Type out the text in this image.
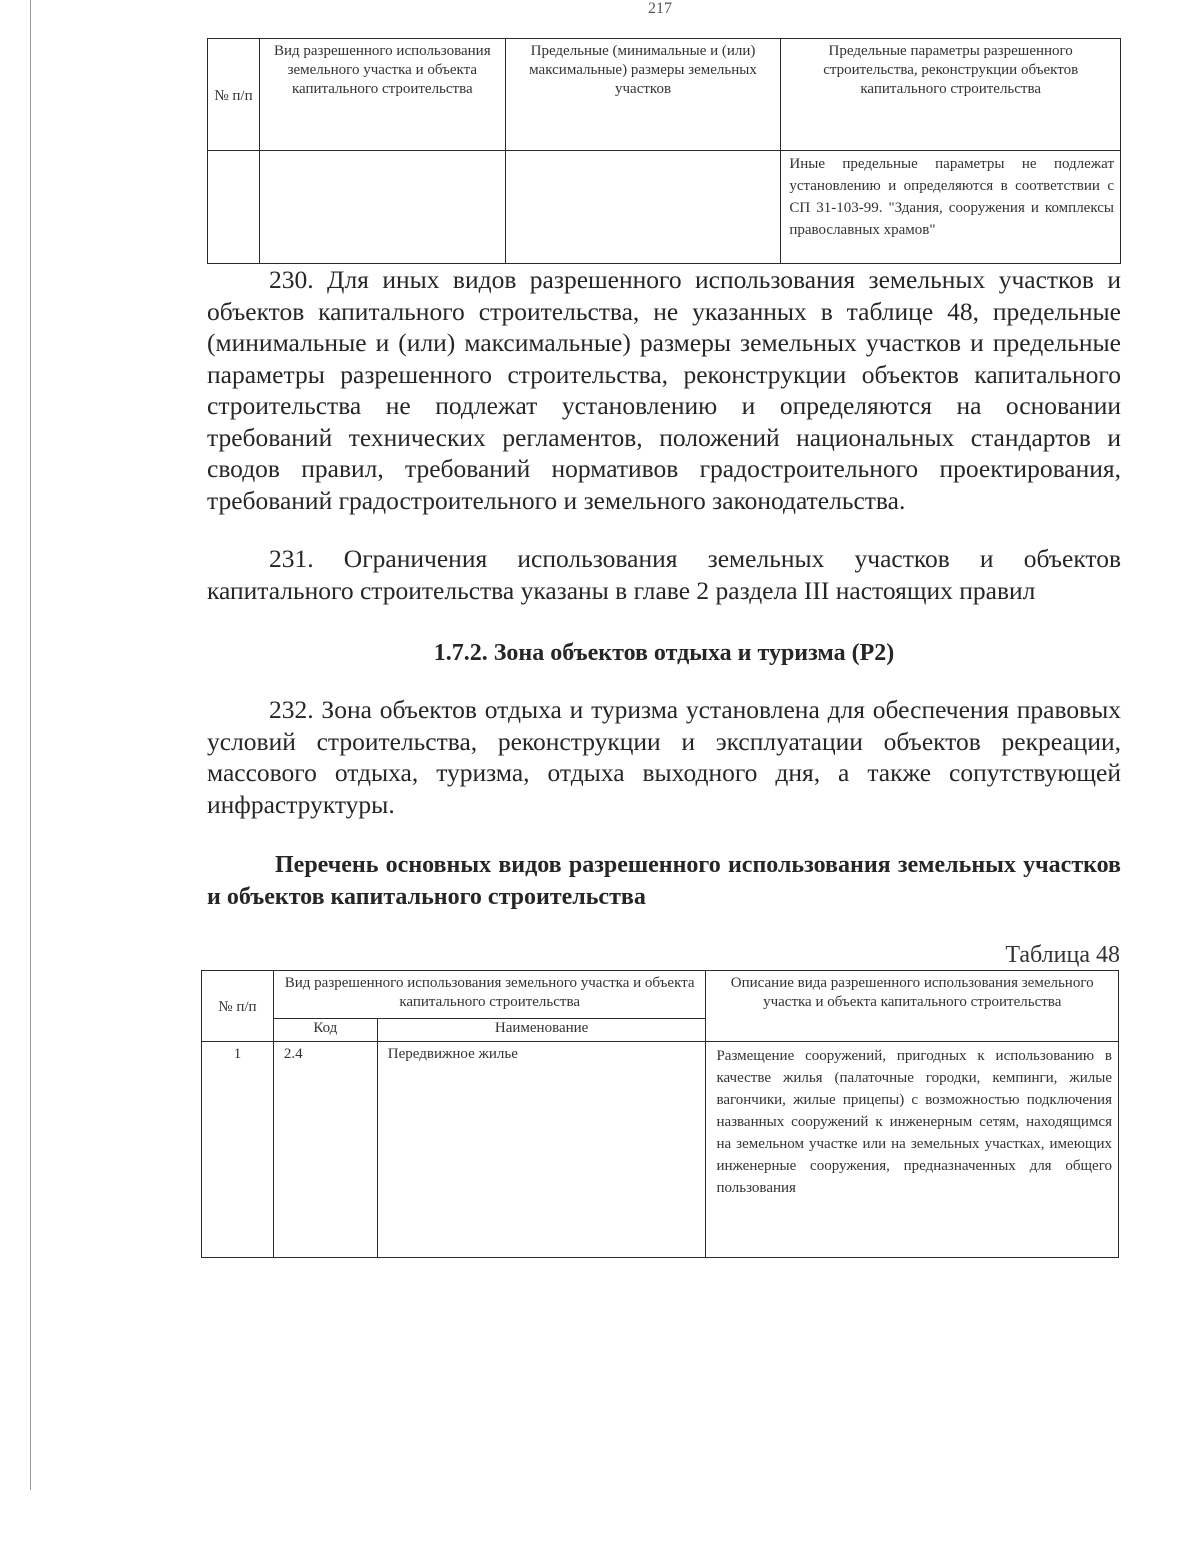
217
№ п/п	Вид разрешенного использования земельного участка и объекта капитального строительства	Предельные (минимальные и (или) максимальные) размеры земельных участков	Предельные параметры разрешенного строительства, реконструкции объектов капитального строительства
			Иные предельные параметры не подлежат установлению и определяются в соответствии с СП 31-103-99. "Здания, сооружения и комплексы православных храмов"

230. Для иных видов разрешенного использования земельных участков и объектов капитального строительства, не указанных в таблице 48, предельные (минимальные и (или) максимальные) размеры земельных участков и предельные параметры разрешенного строительства, реконструкции объектов капитального строительства не подлежат установлению и определяются на основании требований технических регламентов, положений национальных стандартов и сводов правил, требований нормативов градостроительного проектирования, требований градостроительного и земельного законодательства.

231. Ограничения использования земельных участков и объектов капитального строительства указаны в главе 2 раздела III настоящих правил

1.7.2. Зона объектов отдыха и туризма (Р2)

232. Зона объектов отдыха и туризма установлена для обеспечения правовых условий строительства, реконструкции и эксплуатации объектов рекреации, массового отдыха, туризма, отдыха выходного дня, а также сопутствующей инфраструктуры.

Перечень основных видов разрешенного использования земельных участков и объектов капитального строительства

Таблица 48
№ п/п	Вид разрешенного использования земельного участка и объекта капитального строительства		Описание вида разрешенного использования земельного участка и объекта капитального строительства
	Код	Наименование	
1	2.4	Передвижное жилье	Размещение сооружений, пригодных к использованию в качестве жилья (палаточные городки, кемпинги, жилые вагончики, жилые прицепы) с возможностью подключения названных сооружений к инженерным сетям, находящимся на земельном участке или на земельных участках, имеющих инженерные сооружения, предназначенных для общего пользования
